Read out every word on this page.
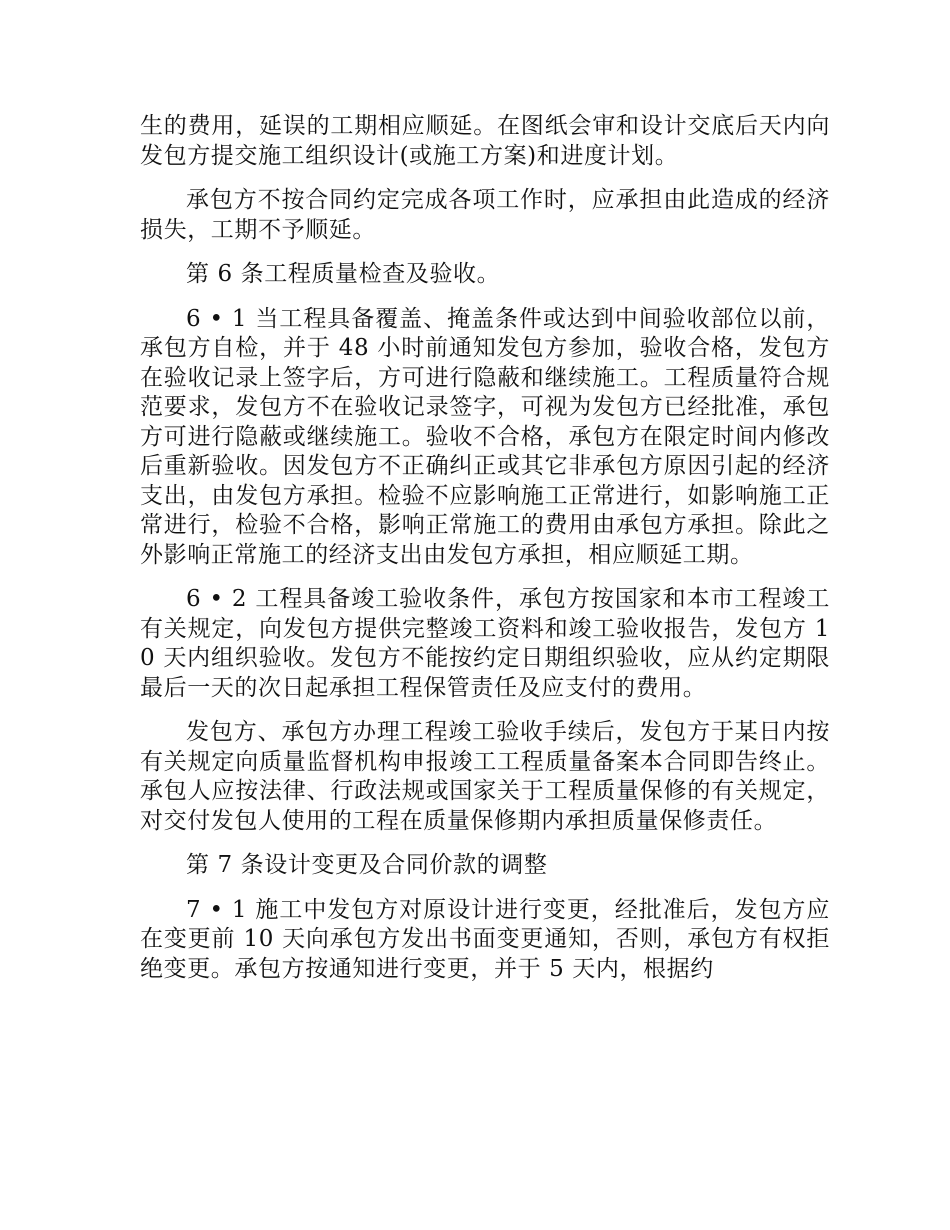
生的费用，延误的工期相应顺延。在图纸会审和设计交底后天内向发包方提交施工组织设计(或施工方案)和进度计划。

承包方不按合同约定完成各项工作时，应承担由此造成的经济损失，工期不予顺延。

第 6 条工程质量检查及验收。

6 • 1 当工程具备覆盖、掩盖条件或达到中间验收部位以前，承包方自检，并于 48 小时前通知发包方参加，验收合格，发包方在验收记录上签字后，方可进行隐蔽和继续施工。工程质量符合规范要求，发包方不在验收记录签字，可视为发包方已经批准，承包方可进行隐蔽或继续施工。验收不合格，承包方在限定时间内修改后重新验收。因发包方不正确纠正或其它非承包方原因引起的经济支出，由发包方承担。检验不应影响施工正常进行，如影响施工正常进行，检验不合格，影响正常施工的费用由承包方承担。除此之外影响正常施工的经济支出由发包方承担，相应顺延工期。

6 • 2 工程具备竣工验收条件，承包方按国家和本市工程竣工有关规定，向发包方提供完整竣工资料和竣工验收报告，发包方 10 天内组织验收。发包方不能按约定日期组织验收，应从约定期限最后一天的次日起承担工程保管责任及应支付的费用。

发包方、承包方办理工程竣工验收手续后，发包方于某日内按有关规定向质量监督机构申报竣工工程质量备案本合同即告终止。承包人应按法律、行政法规或国家关于工程质量保修的有关规定，对交付发包人使用的工程在质量保修期内承担质量保修责任。

第 7 条设计变更及合同价款的调整

7 • 1 施工中发包方对原设计进行变更，经批准后，发包方应在变更前 10 天向承包方发出书面变更通知，否则，承包方有权拒绝变更。承包方按通知进行变更，并于 5 天内，根据约
